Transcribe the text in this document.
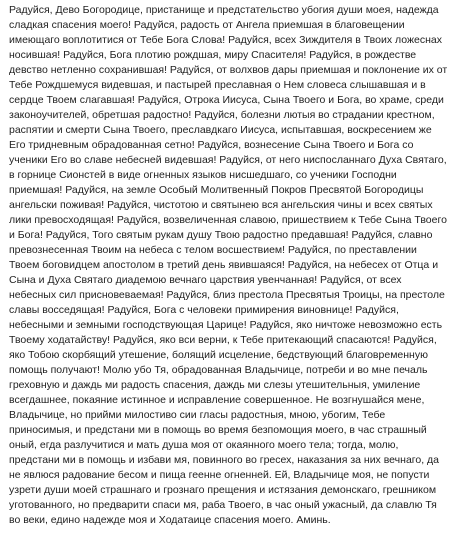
Радуйся, Дево Богородице, пристанище и предстательство убогия души моея, надежда сладкая спасения моего! Радуйся, радость от Ангела приемшая в благовещении имеющаго воплотитися от Тебе Бога Слова! Радуйся, всех Зиждителя в Твоих ложеснах носившая! Радуйся, Бога плотию рождшая, миру Спасителя! Радуйся, в рождестве девство нетленно сохранившая! Радуйся, от волхвов дары приемшая и поклонение их от Тебе Рождшемуся видевшая, и пастырей преславная о Нем словеса слышавшая и в сердце Твоем слагавшая! Радуйся, Отрока Иисуса, Сына Твоего и Бога, во храме, среди законоучителей, обретшая радостно! Радуйся, болезни лютыя во страдании крестном, распятии и смерти Сына Твоего, преславдкаго Иисуса, испытавшая, воскресением же Его тридневным обрадованная сетно! Радуйся, вознесение Сына Твоего и Бога со ученики Его во славе небесней видевшая! Радуйся, от него ниспосланнаго Духа Святаго, в горнице Сионстей в виде огненных языков нисшедшаго, со ученики Господни приемшая! Радуйся, на земле Особый Молитвенный Покров Пресвятой Богородицы ангельски поживая! Радуйся, чистотою и святынею вся ангельския чины и всех святых лики превосходящая! Радуйся, возвеличенная славою, пришествием к Тебе Сына Твоего и Бога! Радуйся, Того святым рукам душу Твою радостно предавшая! Радуйся, славно превознесенная Твоим на небеса с телом восшествием! Радуйся, по преставлении Твоем боговидцем апостолом в третий день явившаяся! Радуйся, на небесех от Отца и Сына и Духа Святаго диадемою вечнаго царствия увенчанная! Радуйся, от всех небесных сил присновеваемая! Радуйся, близ престола Пресвятыя Троицы, на престоле славы восседящая! Радуйся, Бога с человеки примирения виновнице! Радуйся, небесными и земными господствующая Царице! Радуйся, яко ничтоже невозможно есть Твоему ходатайству! Радуйся, яко вси верни, к Тебе притекающий спасаются! Радуйся, яко Тобою скорбящий утешение, болящий исцеление, бедствующий благовременную помощь получают! Молю убо Тя, обрадованная Владычице, потреби и во мне печаль греховную и даждь ми радость спасения, даждь ми слезы утешительныя, умиление всегдашнее, покаяние истинное и исправление совершенное. Не возгнушайся мене, Владычице, но прийми милостиво сии гласы радостныя, мною, убогим, Тебе приносимыя, и предстани ми в помощь во время безпомощия моего, в час страшный оный, егда разлучитися и мать душа моя от окаянного моего тела; тогда, молю, предстани ми в помощь и избави мя, повинного во гресех, наказания за них вечнаго, да не явлюся радование бесом и пища геенне огненней. Ей, Владычице моя, не попусти узрети души моей страшнаго и грознаго прещения и истязания демонскаго, грешником уготованного, но предварити спаси мя, раба Твоего, в час оный ужасный, да славлю Тя во веки, едино надежде моя и Ходатаице спасения моего. Аминь.
